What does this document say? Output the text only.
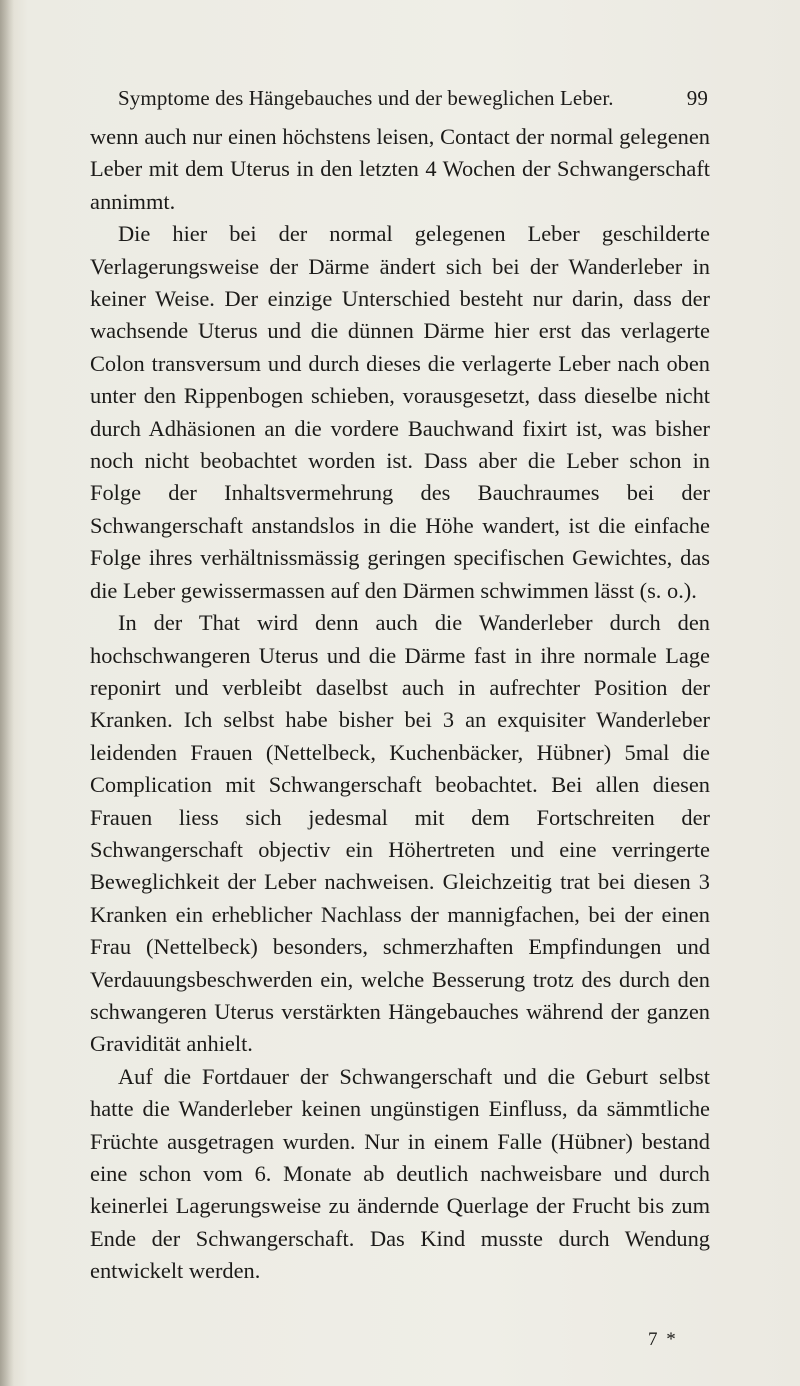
Symptome des Hängebauches und der beweglichen Leber.	99

wenn auch nur einen höchstens leisen, Contact der normal gelegenen Leber mit dem Uterus in den letzten 4 Wochen der Schwangerschaft annimmt.

Die hier bei der normal gelegenen Leber geschilderte Verlagerungsweise der Därme ändert sich bei der Wanderleber in keiner Weise. Der einzige Unterschied besteht nur darin, dass der wachsende Uterus und die dünnen Därme hier erst das verlagerte Colon transversum und durch dieses die verlagerte Leber nach oben unter den Rippenbogen schieben, vorausgesetzt, dass dieselbe nicht durch Adhäsionen an die vordere Bauchwand fixirt ist, was bisher noch nicht beobachtet worden ist. Dass aber die Leber schon in Folge der Inhaltsvermehrung des Bauchraumes bei der Schwangerschaft anstandslos in die Höhe wandert, ist die einfache Folge ihres verhältnissmässig geringen specifischen Gewichtes, das die Leber gewissermassen auf den Därmen schwimmen lässt (s. o.).

In der That wird denn auch die Wanderleber durch den hochschwangeren Uterus und die Därme fast in ihre normale Lage reponirt und verbleibt daselbst auch in aufrechter Position der Kranken. Ich selbst habe bisher bei 3 an exquisiter Wanderleber leidenden Frauen (Nettelbeck, Kuchenbäcker, Hübner) 5mal die Complication mit Schwangerschaft beobachtet. Bei allen diesen Frauen liess sich jedesmal mit dem Fortschreiten der Schwangerschaft objectiv ein Höhertreten und eine verringerte Beweglichkeit der Leber nachweisen. Gleichzeitig trat bei diesen 3 Kranken ein erheblicher Nachlass der mannigfachen, bei der einen Frau (Nettelbeck) besonders, schmerzhaften Empfindungen und Verdauungsbeschwerden ein, welche Besserung trotz des durch den schwangeren Uterus verstärkten Hängebauches während der ganzen Gravidität anhielt.

Auf die Fortdauer der Schwangerschaft und die Geburt selbst hatte die Wanderleber keinen ungünstigen Einfluss, da sämmtliche Früchte ausgetragen wurden. Nur in einem Falle (Hübner) bestand eine schon vom 6. Monate ab deutlich nachweisbare und durch keinerlei Lagerungsweise zu ändernde Querlage der Frucht bis zum Ende der Schwangerschaft. Das Kind musste durch Wendung entwickelt werden.

7 *
